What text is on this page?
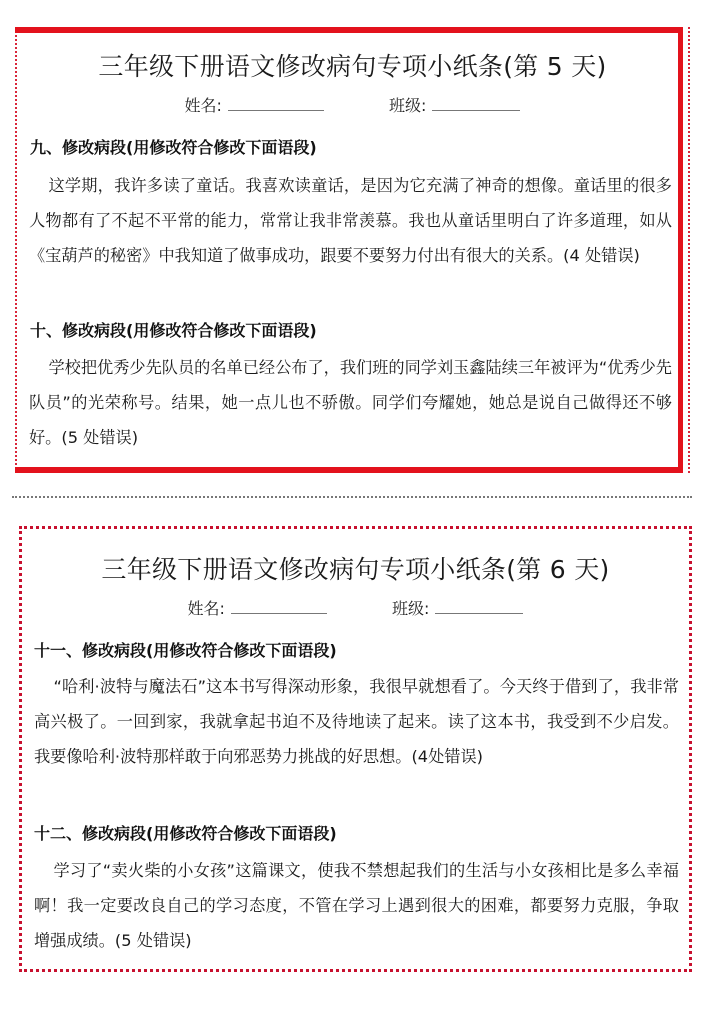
三年级下册语文修改病句专项小纸条(第 5 天)
姓名:	班级:
九、修改病段(用修改符合修改下面语段)
这学期，我许多读了童话。我喜欢读童话，是因为它充满了神奇的想像。童话里的很多人物都有了不起不平常的能力，常常让我非常羡慕。我也从童话里明白了许多道理，如从《宝葫芦的秘密》中我知道了做事成功，跟要不要努力付出有很大的关系。(4 处错误)
十、修改病段(用修改符合修改下面语段)
学校把优秀少先队员的名单已经公布了，我们班的同学刘玉鑫陆续三年被评为“优秀少先队员”的光荣称号。结果，她一点儿也不骄傲。同学们夸耀她，她总是说自己做得还不够好。(5 处错误)
三年级下册语文修改病句专项小纸条(第 6 天)
姓名:	班级:
十一、修改病段(用修改符合修改下面语段)
“哈利·波特与魔法石”这本书写得深动形象，我很早就想看了。今天终于借到了，我非常高兴极了。一回到家，我就拿起书迫不及待地读了起来。读了这本书，我受到不少启发。我要像哈利·波特那样敢于向邪恶势力挑战的好思想。(4处错误)
十二、修改病段(用修改符合修改下面语段)
学习了“卖火柴的小女孩”这篇课文，使我不禁想起我们的生活与小女孩相比是多么幸福啊！我一定要改良自己的学习态度，不管在学习上遇到很大的困难，都要努力克服，争取增强成绩。(5 处错误)
